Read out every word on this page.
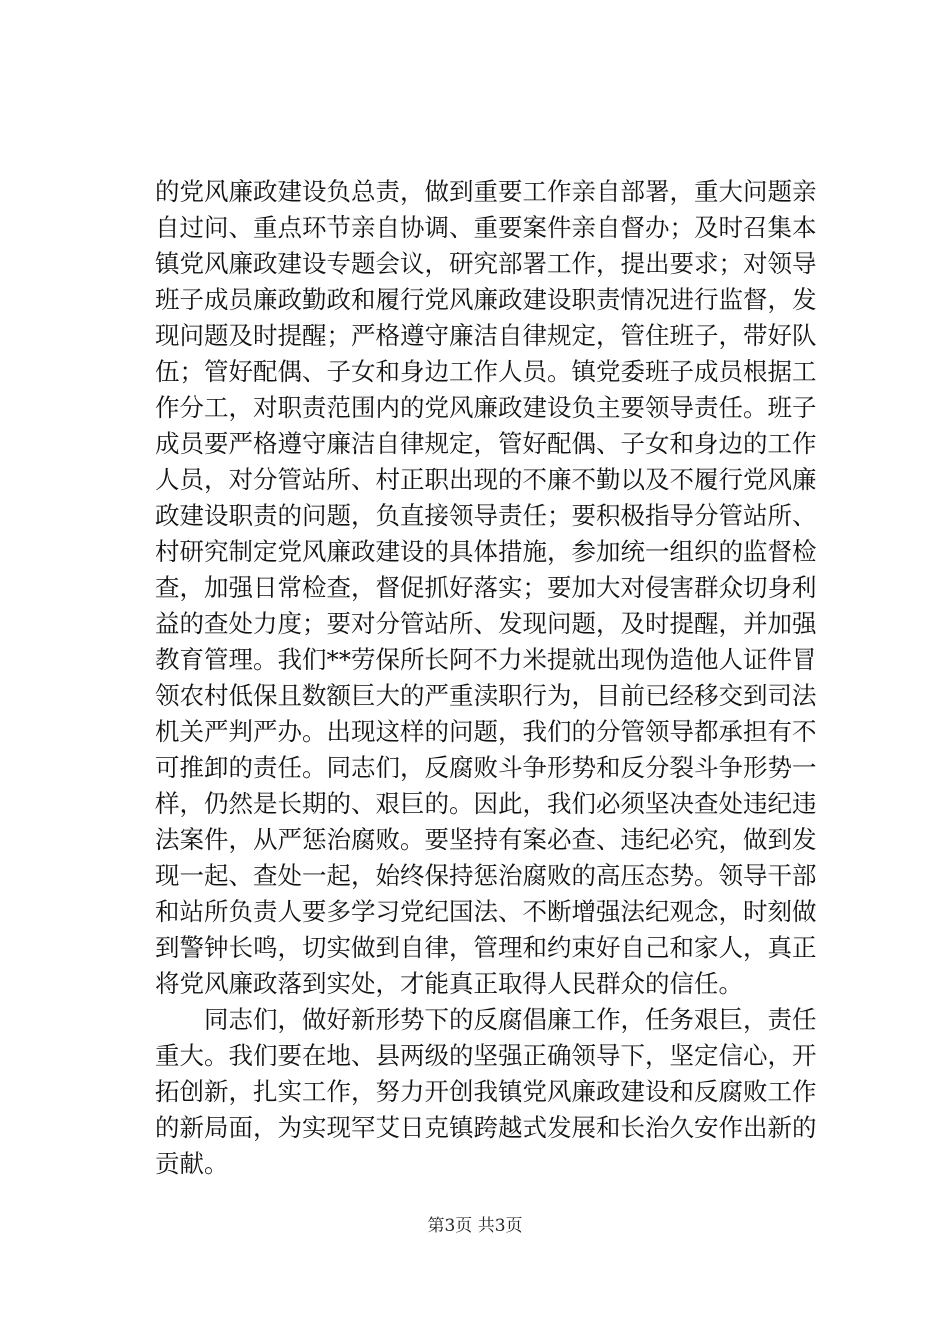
的党风廉政建设负总责，做到重要工作亲自部署，重大问题亲
自过问、重点环节亲自协调、重要案件亲自督办；及时召集本
镇党风廉政建设专题会议，研究部署工作，提出要求；对领导
班子成员廉政勤政和履行党风廉政建设职责情况进行监督，发
现问题及时提醒；严格遵守廉洁自律规定，管住班子，带好队
伍；管好配偶、子女和身边工作人员。镇党委班子成员根据工
作分工，对职责范围内的党风廉政建设负主要领导责任。班子
成员要严格遵守廉洁自律规定，管好配偶、子女和身边的工作
人员，对分管站所、村正职出现的不廉不勤以及不履行党风廉
政建设职责的问题，负直接领导责任；要积极指导分管站所、
村研究制定党风廉政建设的具体措施，参加统一组织的监督检
查，加强日常检查，督促抓好落实；要加大对侵害群众切身利
益的查处力度；要对分管站所、发现问题，及时提醒，并加强
教育管理。我们**劳保所长阿不力米提就出现伪造他人证件冒
领农村低保且数额巨大的严重渎职行为，目前已经移交到司法
机关严判严办。出现这样的问题，我们的分管领导都承担有不
可推卸的责任。同志们，反腐败斗争形势和反分裂斗争形势一
样，仍然是长期的、艰巨的。因此，我们必须坚决查处违纪违
法案件，从严惩治腐败。要坚持有案必查、违纪必究，做到发
现一起、查处一起，始终保持惩治腐败的高压态势。领导干部
和站所负责人要多学习党纪国法、不断增强法纪观念，时刻做
到警钟长鸣，切实做到自律，管理和约束好自己和家人，真正
将党风廉政落到实处，才能真正取得人民群众的信任。
同志们，做好新形势下的反腐倡廉工作，任务艰巨，责任
重大。我们要在地、县两级的坚强正确领导下，坚定信心，开
拓创新，扎实工作，努力开创我镇党风廉政建设和反腐败工作
的新局面，为实现罕艾日克镇跨越式发展和长治久安作出新的
贡献。
第3页 共3页
